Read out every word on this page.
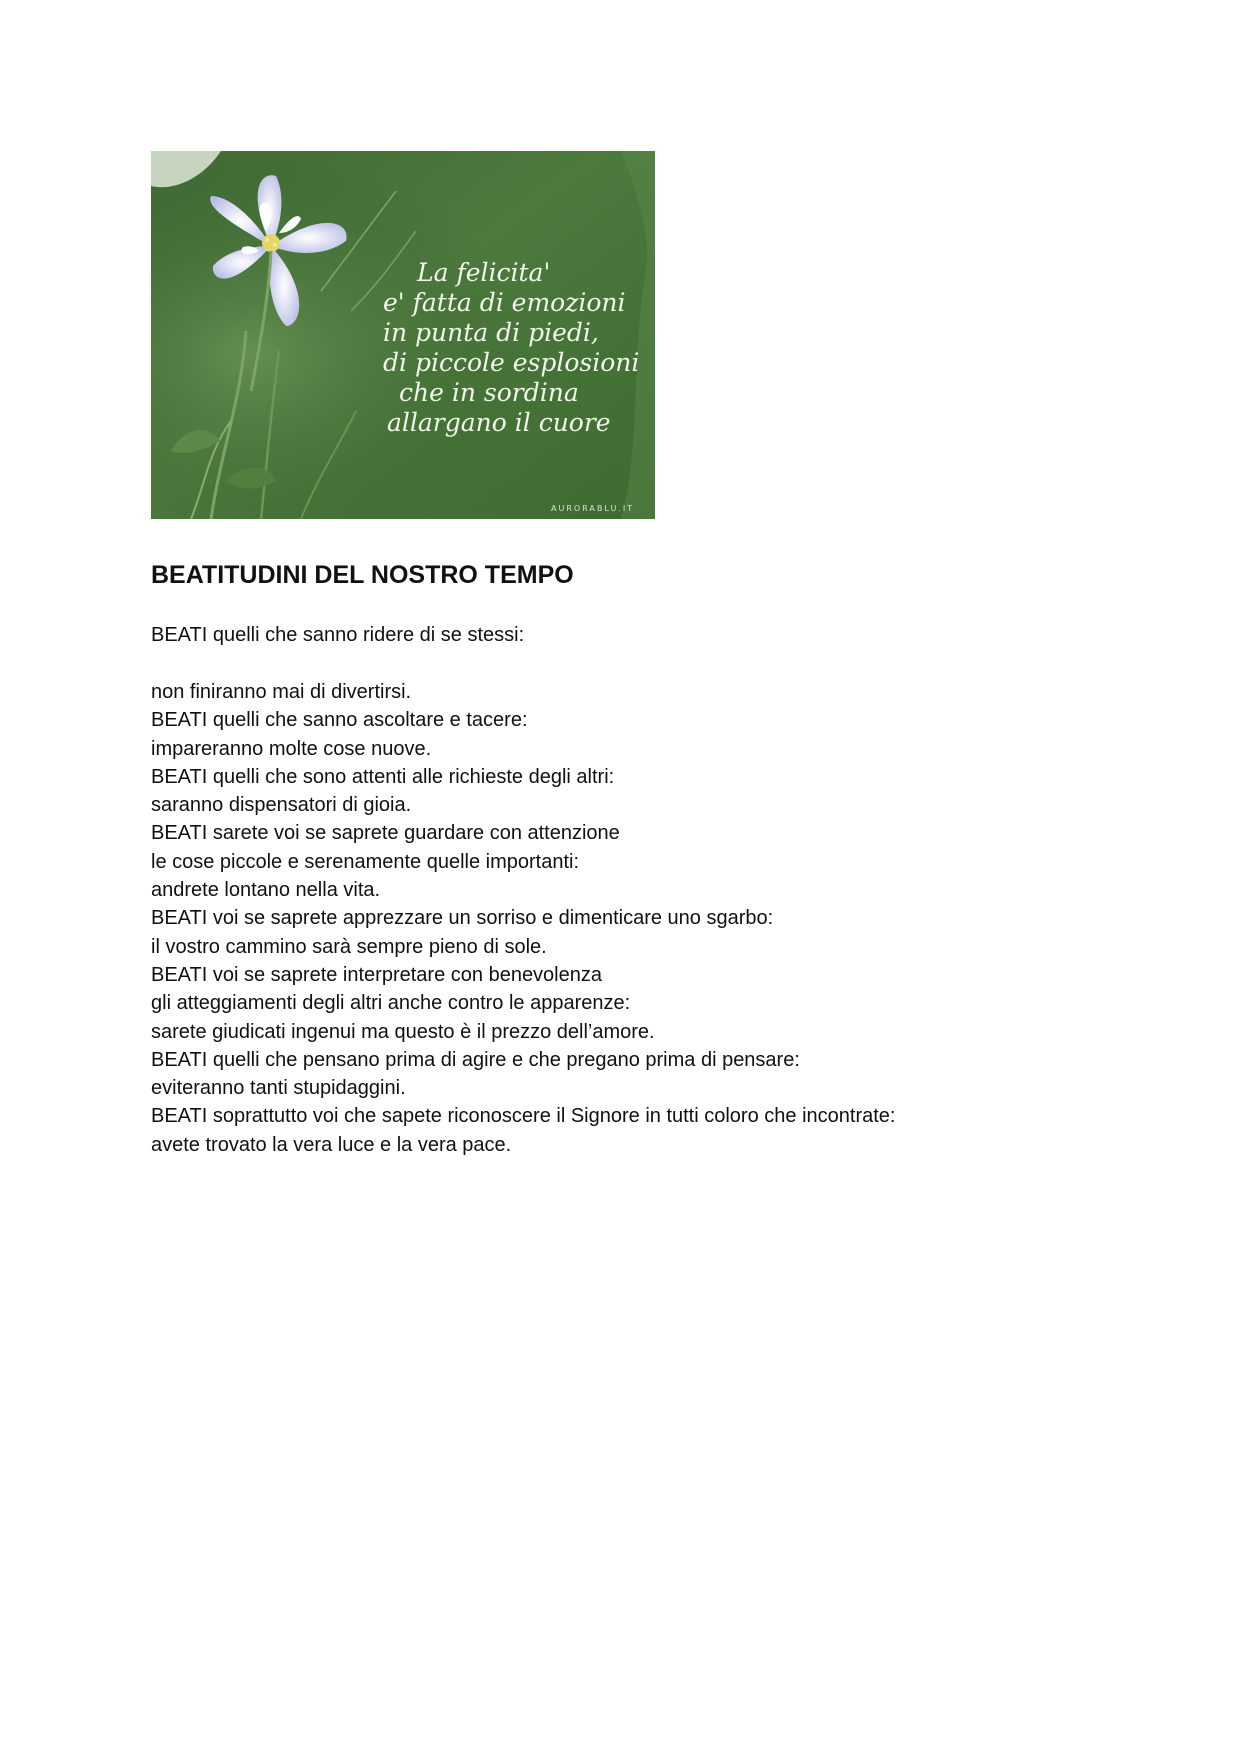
La felicita'
e' fatta di emozioni
in punta di piedi,
di piccole esplosioni
che in sordina
allargano il cuore
AURORABLU.IT
BEATITUDINI DEL NOSTRO TEMPO

BEATI quelli che sanno ridere di se stessi:

non finiranno mai di divertirsi.
BEATI quelli che sanno ascoltare e tacere:
impareranno molte cose nuove.
BEATI quelli che sono attenti alle richieste degli altri:
saranno dispensatori di gioia.
BEATI sarete voi se saprete guardare con attenzione
le cose piccole e serenamente quelle importanti:
andrete lontano nella vita.
BEATI voi se saprete apprezzare un sorriso e dimenticare uno sgarbo:
il vostro cammino sarà sempre pieno di sole.
BEATI voi se saprete interpretare con benevolenza
gli atteggiamenti degli altri anche contro le apparenze:
sarete giudicati ingenui ma questo è il prezzo dell’amore.
BEATI quelli che pensano prima di agire e che pregano prima di pensare:
eviteranno tanti stupidaggini.
BEATI soprattutto voi che sapete riconoscere il Signore in tutti coloro che incontrate:
avete trovato la vera luce e la vera pace.
